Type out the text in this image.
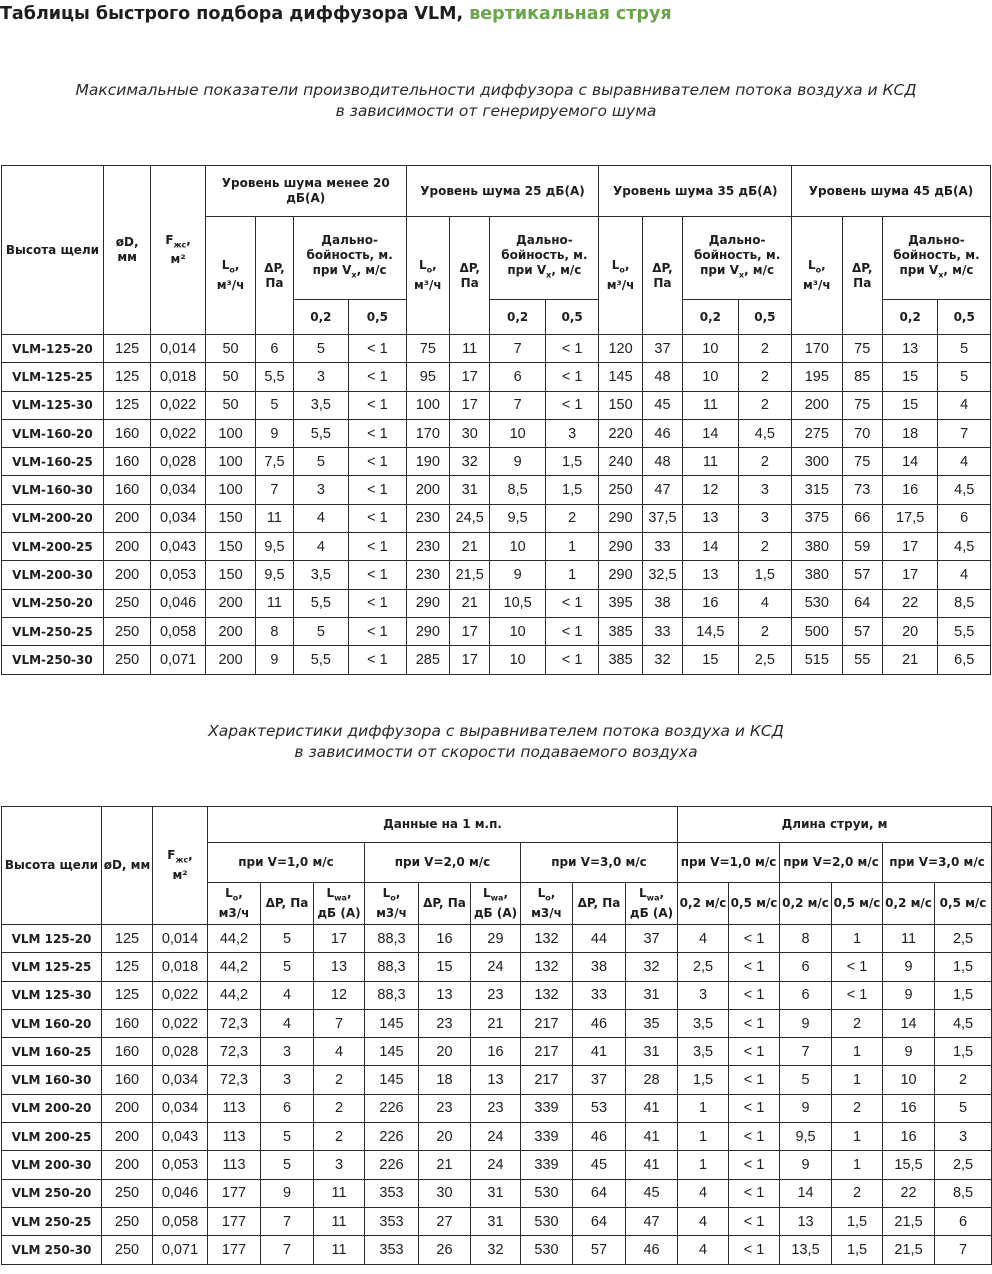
Таблицы быстрого подбора диффузора VLM, вертикальная струя
Максимальные показатели производительности диффузора с выравнивателем потока воздуха и КСД
в зависимости от генерируемого шума
Высота щели	øD, мм	$F_{жс}$,
м²	Уровень шума менее 20 дБ(А)				Уровень шума 25 дБ(А)				Уровень шума 35 дБ(А)				Уровень шума 45 дБ(А)			
			$L_o$,
м³/ч	ΔP, Па	Дально-бойность, м.
при $V_x$, м/с		$L_o$,
м³/ч	ΔP, Па	Дально-бойность, м.
при $V_x$, м/с		$L_o$,
м³/ч	ΔP, Па	Дально-бойность, м.
при $V_x$, м/с		$L_o$,
м³/ч	ΔP, Па	Дально-бойность, м.
при $V_x$, м/с	
					0,2	0,5			0,2	0,5			0,2	0,5			0,2	0,5
VLM-125-20	125	0,014	50	6	5	< 1	75	11	7	< 1	120	37	10	2	170	75	13	5
VLM-125-25	125	0,018	50	5,5	3	< 1	95	17	6	< 1	145	48	10	2	195	85	15	5
VLM-125-30	125	0,022	50	5	3,5	< 1	100	17	7	< 1	150	45	11	2	200	75	15	4
VLM-160-20	160	0,022	100	9	5,5	< 1	170	30	10	3	220	46	14	4,5	275	70	18	7
VLM-160-25	160	0,028	100	7,5	5	< 1	190	32	9	1,5	240	48	11	2	300	75	14	4
VLM-160-30	160	0,034	100	7	3	< 1	200	31	8,5	1,5	250	47	12	3	315	73	16	4,5
VLM-200-20	200	0,034	150	11	4	< 1	230	24,5	9,5	2	290	37,5	13	3	375	66	17,5	6
VLM-200-25	200	0,043	150	9,5	4	< 1	230	21	10	1	290	33	14	2	380	59	17	4,5
VLM-200-30	200	0,053	150	9,5	3,5	< 1	230	21,5	9	1	290	32,5	13	1,5	380	57	17	4
VLM-250-20	250	0,046	200	11	5,5	< 1	290	21	10,5	< 1	395	38	16	4	530	64	22	8,5
VLM-250-25	250	0,058	200	8	5	< 1	290	17	10	< 1	385	33	14,5	2	500	57	20	5,5
VLM-250-30	250	0,071	200	9	5,5	< 1	285	17	10	< 1	385	32	15	2,5	515	55	21	6,5
Характеристики диффузора с выравнивателем потока воздуха и КСД
в зависимости от скорости подаваемого воздуха
Высота щели	øD, мм	$F_{жс}$,
м²	Данные на 1 м.п.									Длина струи, м					
			при V=1,0 м/с			при V=2,0 м/с			при V=3,0 м/с			при V=1,0 м/с		при V=2,0 м/с		при V=3,0 м/с	
			$L_o$,
м3/ч	ΔP, Па	$L_{wa}$,
дБ (А)	$L_o$,
м3/ч	ΔP, Па	$L_{wa}$,
дБ (А)	$L_o$,
м3/ч	ΔP, Па	$L_{wa}$,
дБ (А)	0,2 м/с	0,5 м/с	0,2 м/с	0,5 м/с	0,2 м/с	0,5 м/с
VLM 125-20	125	0,014	44,2	5	17	88,3	16	29	132	44	37	4	< 1	8	1	11	2,5
VLM 125-25	125	0,018	44,2	5	13	88,3	15	24	132	38	32	2,5	< 1	6	< 1	9	1,5
VLM 125-30	125	0,022	44,2	4	12	88,3	13	23	132	33	31	3	< 1	6	< 1	9	1,5
VLM 160-20	160	0,022	72,3	4	7	145	23	21	217	46	35	3,5	< 1	9	2	14	4,5
VLM 160-25	160	0,028	72,3	3	4	145	20	16	217	41	31	3,5	< 1	7	1	9	1,5
VLM 160-30	160	0,034	72,3	3	2	145	18	13	217	37	28	1,5	< 1	5	1	10	2
VLM 200-20	200	0,034	113	6	2	226	23	23	339	53	41	1	< 1	9	2	16	5
VLM 200-25	200	0,043	113	5	2	226	20	24	339	46	41	1	< 1	9,5	1	16	3
VLM 200-30	200	0,053	113	5	3	226	21	24	339	45	41	1	< 1	9	1	15,5	2,5
VLM 250-20	250	0,046	177	9	11	353	30	31	530	64	45	4	< 1	14	2	22	8,5
VLM 250-25	250	0,058	177	7	11	353	27	31	530	64	47	4	< 1	13	1,5	21,5	6
VLM 250-30	250	0,071	177	7	11	353	26	32	530	57	46	4	< 1	13,5	1,5	21,5	7
